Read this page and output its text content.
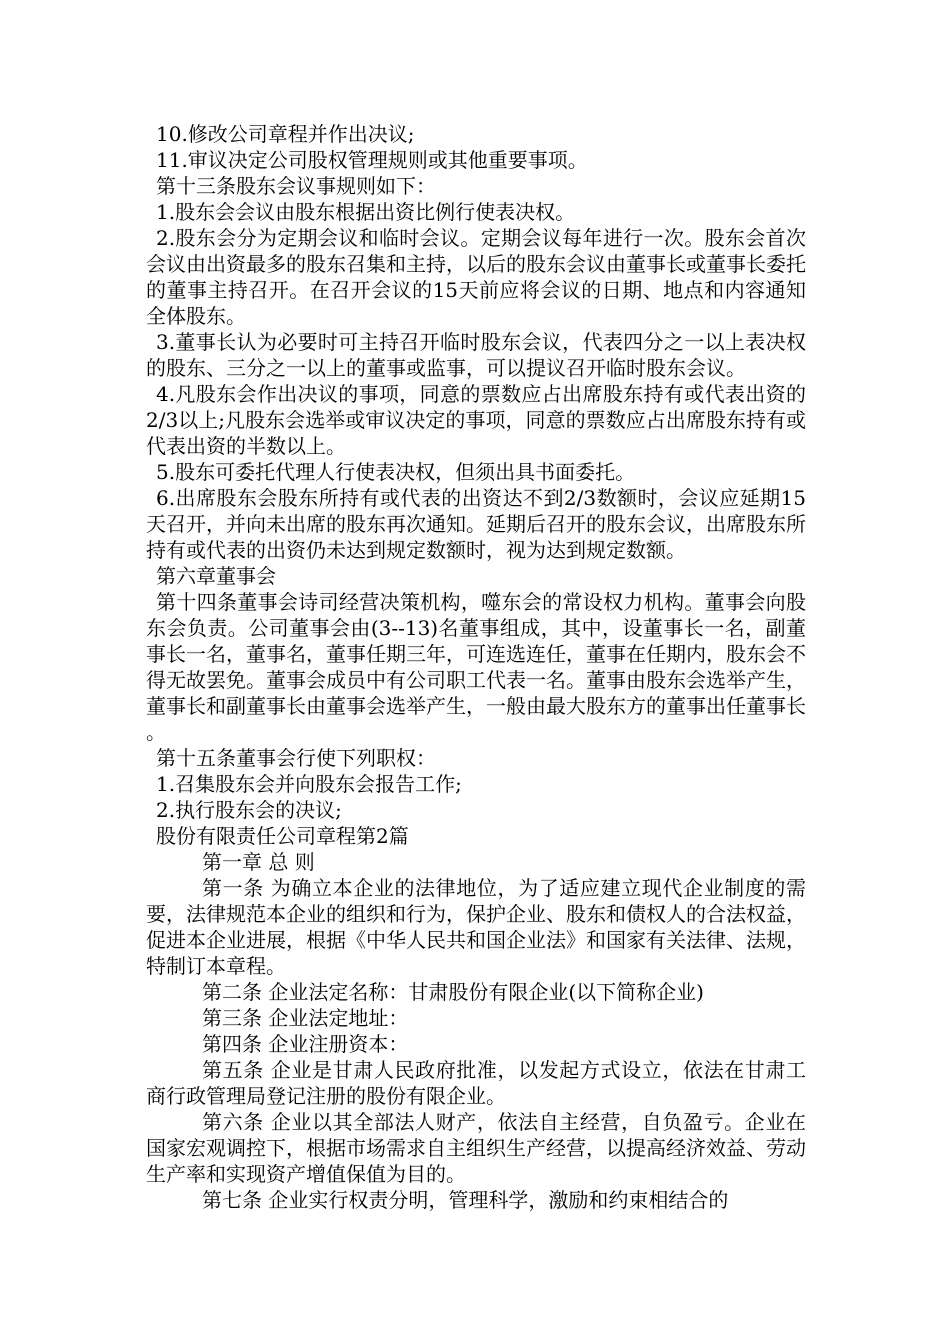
10.修改公司章程并作出决议;

11.审议决定公司股权管理规则或其他重要事项。

第十三条股东会议事规则如下：

1.股东会会议由股东根据出资比例行使表决权。

2.股东会分为定期会议和临时会议。定期会议每年进行一次。股东会首次会议由出资最多的股东召集和主持，以后的股东会议由董事长或董事长委托的董事主持召开。在召开会议的15天前应将会议的日期、地点和内容通知全体股东。

3.董事长认为必要时可主持召开临时股东会议，代表四分之一以上表决权的股东、三分之一以上的董事或监事，可以提议召开临时股东会议。

4.凡股东会作出决议的事项，同意的票数应占出席股东持有或代表出资的2/3以上;凡股东会选举或审议决定的事项，同意的票数应占出席股东持有或代表出资的半数以上。

5.股东可委托代理人行使表决权，但须出具书面委托。

6.出席股东会股东所持有或代表的出资达不到2/3数额时，会议应延期15天召开，并向未出席的股东再次通知。延期后召开的股东会议，出席股东所持有或代表的出资仍未达到规定数额时，视为达到规定数额。

第六章董事会

第十四条董事会诗司经营决策机构，噬东会的常设权力机构。董事会向股东会负责。公司董事会由(3--13)名董事组成，其中，设董事长一名，副董事长一名，董事名，董事任期三年，可连选连任，董事在任期内，股东会不得无故罢免。董事会成员中有公司职工代表一名。董事由股东会选举产生，董事长和副董事长由董事会选举产生，一般由最大股东方的董事出任董事长。

第十五条董事会行使下列职权：

1.召集股东会并向股东会报告工作;

2.执行股东会的决议;

股份有限责任公司章程第2篇

第一章 总 则

第一条 为确立本企业的法律地位，为了适应建立现代企业制度的需要，法律规范本企业的组织和行为，保护企业、股东和债权人的合法权益，促进本企业进展，根据《中华人民共和国企业法》和国家有关法律、法规，特制订本章程。

第二条 企业法定名称：甘肃股份有限企业(以下简称企业)

第三条 企业法定地址：

第四条 企业注册资本：

第五条 企业是甘肃人民政府批准，以发起方式设立，依法在甘肃工商行政管理局登记注册的股份有限企业。

第六条 企业以其全部法人财产，依法自主经营，自负盈亏。企业在国家宏观调控下，根据市场需求自主组织生产经营，以提高经济效益、劳动生产率和实现资产增值保值为目的。

第七条 企业实行权责分明，管理科学，激励和约束相结合的
